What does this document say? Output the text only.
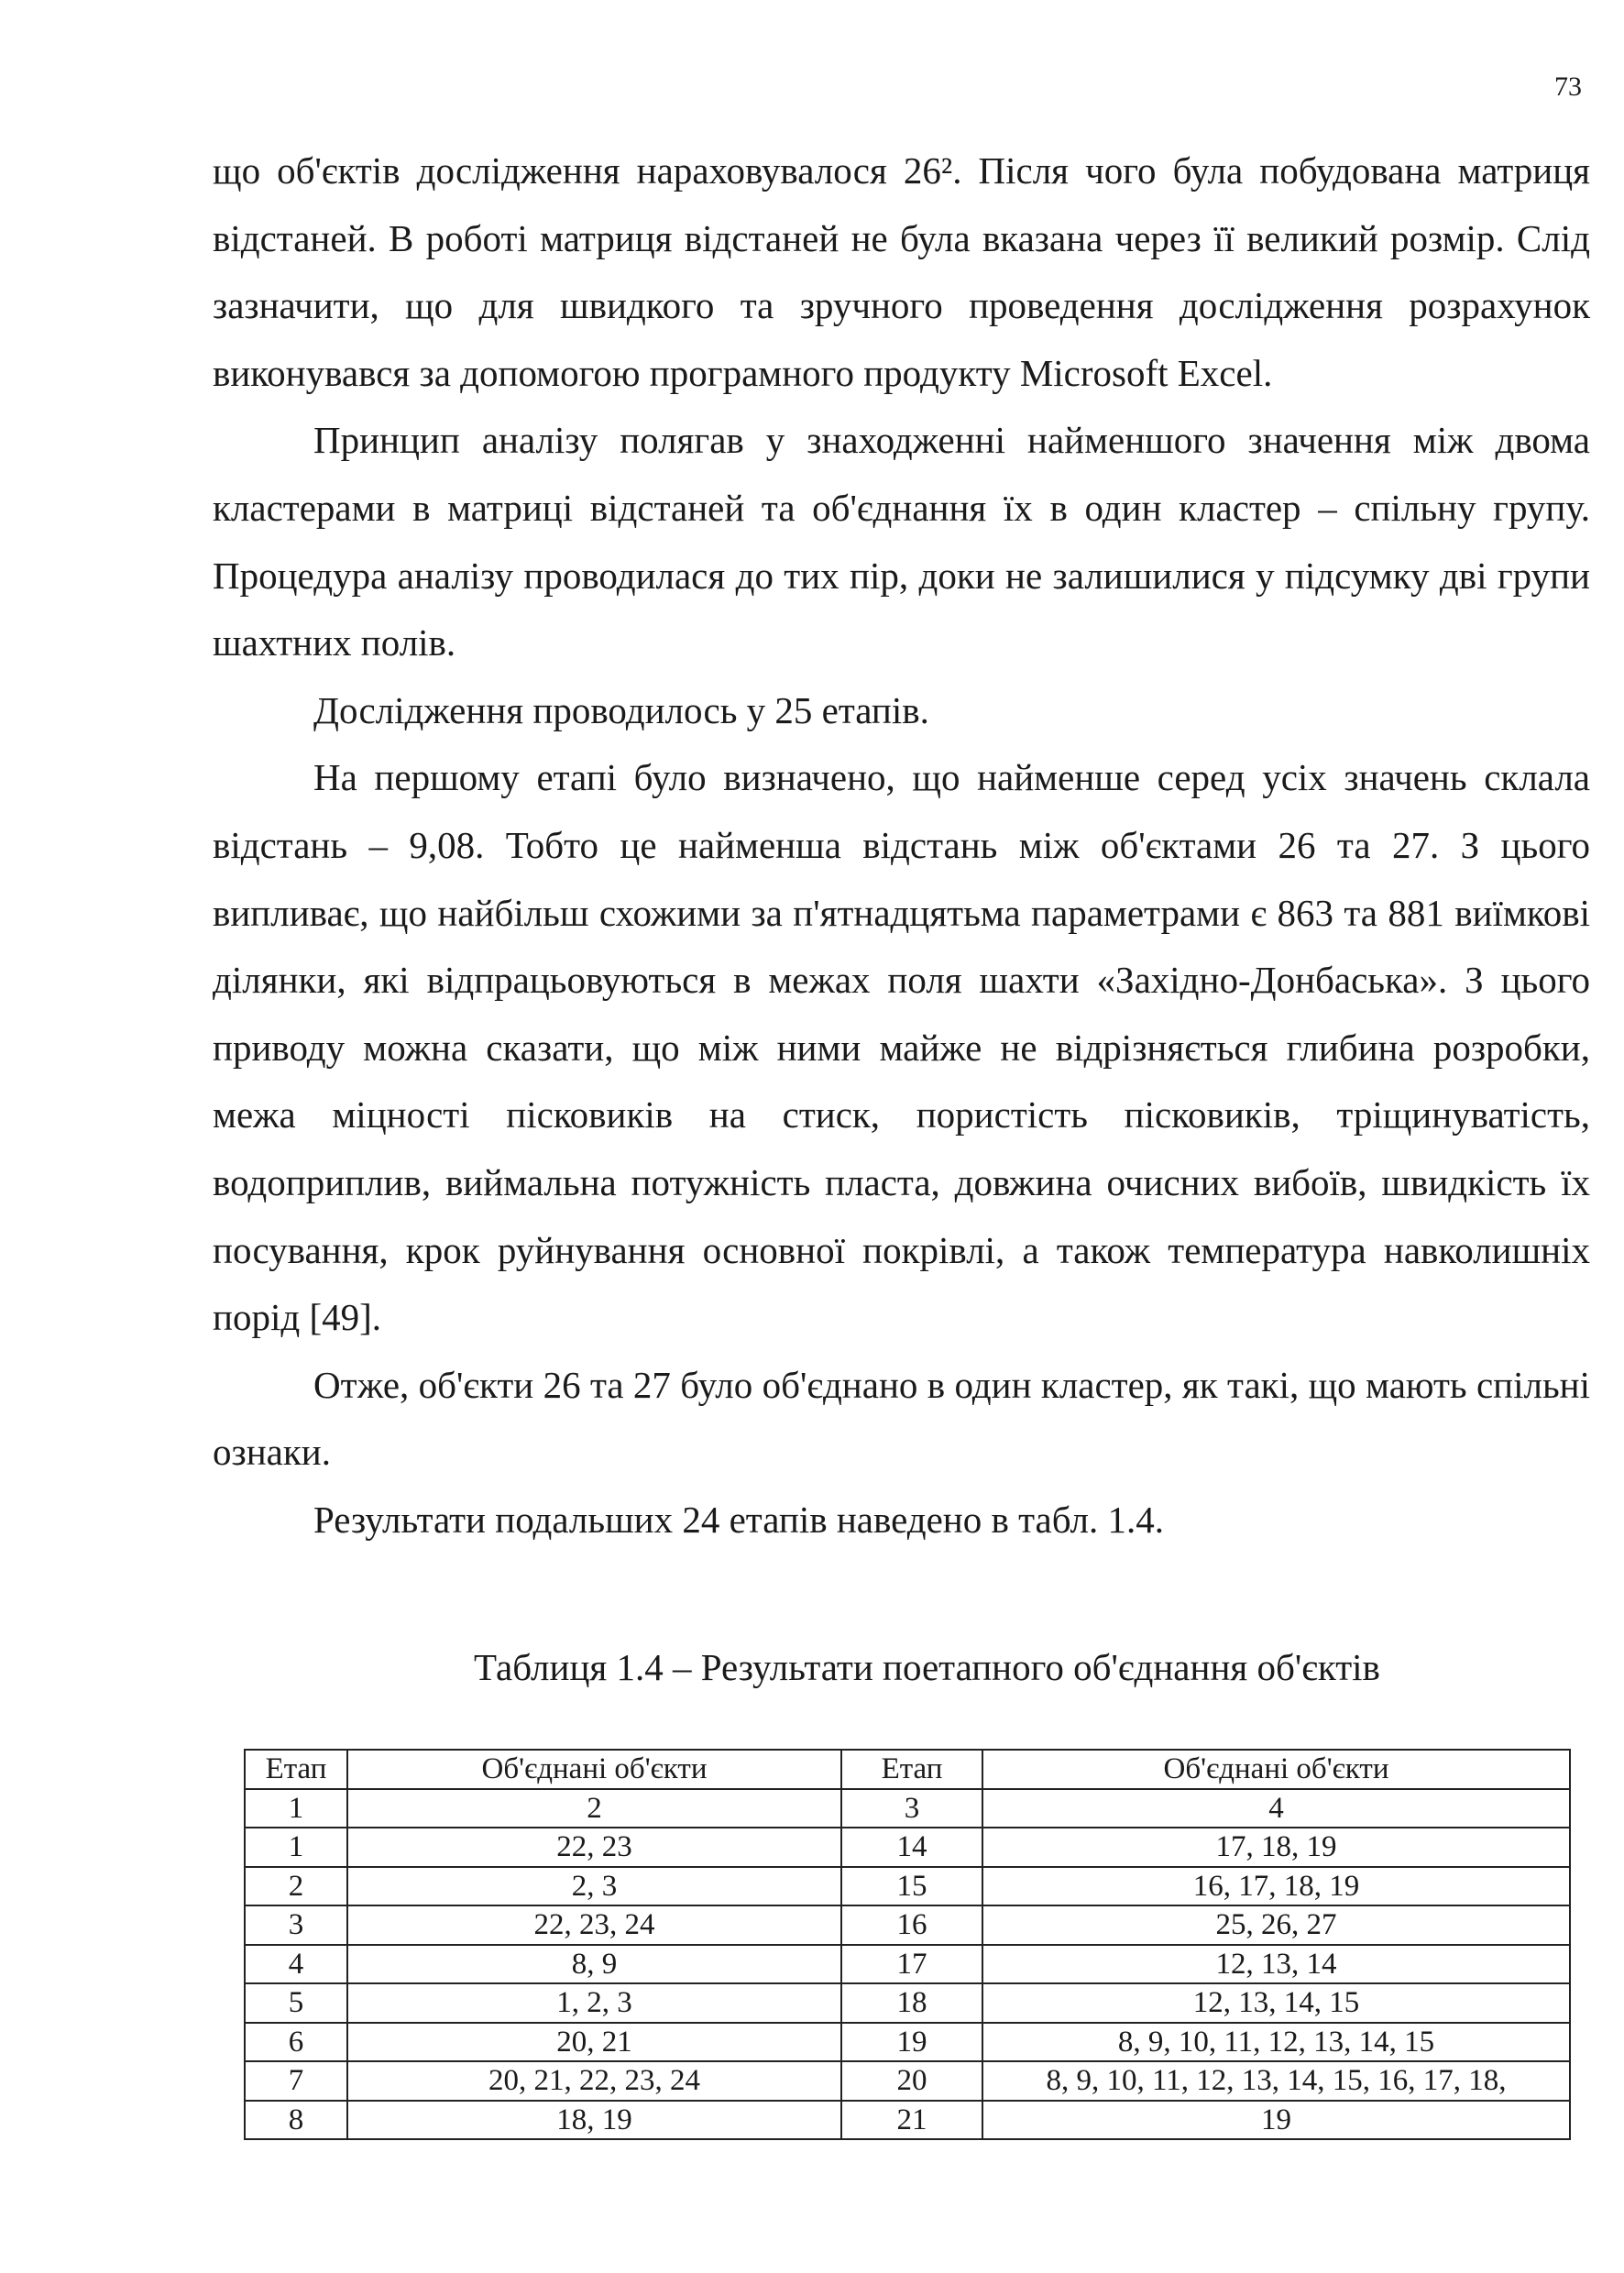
73

що об'єктів дослідження нараховувалося 26². Після чого була побудована матриця відстаней. В роботі матриця відстаней не була вказана через її великий розмір. Слід зазначити, що для швидкого та зручного проведення дослідження розрахунок виконувався за допомогою програмного продукту Microsoft Excel.

Принцип аналізу полягав у знаходженні найменшого значення між двома кластерами в матриці відстаней та об'єднання їх в один кластер – спільну групу. Процедура аналізу проводилася до тих пір, доки не залишилися у підсумку дві групи шахтних полів.

Дослідження проводилось у 25 етапів.

На першому етапі було визначено, що найменше серед усіх значень склала відстань – 9,08. Тобто це найменша відстань між об'єктами 26 та 27. З цього випливає, що найбільш схожими за п'ятнадцятьма параметрами є 863 та 881 виїмкові ділянки, які відпрацьовуються в межах поля шахти «Західно-Донбаська». З цього приводу можна сказати, що між ними майже не відрізняється глибина розробки, межа міцності пісковиків на стиск, пористість пісковиків, тріщинуватість, водоприплив, виймальна потужність пласта, довжина очисних вибоїв, швидкість їх посування, крок руйнування основної покрівлі, а також температура навколишніх порід [49].

Отже, об'єкти 26 та 27 було об'єднано в один кластер, як такі, що мають спільні ознаки.

Результати подальших 24 етапів наведено в табл. 1.4.

Таблиця 1.4 – Результати поетапного об'єднання об'єктів
Етап	Об'єднані об'єкти	Етап	Об'єднані об'єкти
1	2	3	4
1	22, 23	14	17, 18, 19
2	2, 3	15	16, 17, 18, 19
3	22, 23, 24	16	25, 26, 27
4	8, 9	17	12, 13, 14
5	1, 2, 3	18	12, 13, 14, 15
6	20, 21	19	8, 9, 10, 11, 12, 13, 14, 15
7	20, 21, 22, 23, 24	20	8, 9, 10, 11, 12, 13, 14, 15, 16, 17, 18,
8	18, 19	21	19
